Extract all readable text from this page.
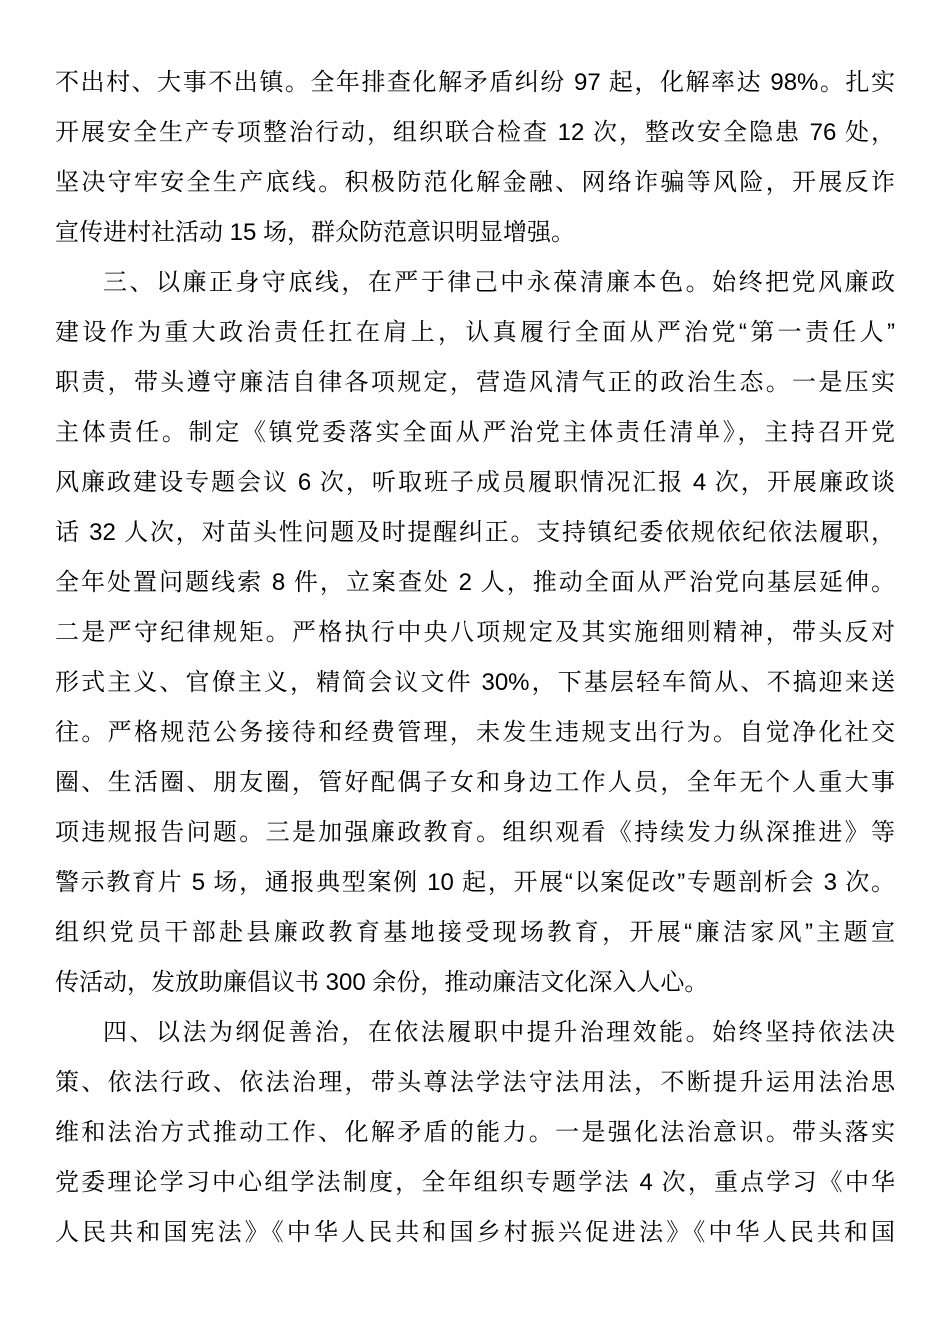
不出村、大事不出镇。全年排查化解矛盾纠纷 97 起，化解率达 98%。扎实
开展安全生产专项整治行动，组织联合检查 12 次，整改安全隐患 76 处，
坚决守牢安全生产底线。积极防范化解金融、网络诈骗等风险，开展反诈
宣传进村社活动 15 场，群众防范意识明显增强。
三、以廉正身守底线，在严于律己中永葆清廉本色。始终把党风廉政
建设作为重大政治责任扛在肩上，认真履行全面从严治党“第一责任人”
职责，带头遵守廉洁自律各项规定，营造风清气正的政治生态。一是压实
主体责任。制定《镇党委落实全面从严治党主体责任清单》，主持召开党
风廉政建设专题会议 6 次，听取班子成员履职情况汇报 4 次，开展廉政谈
话 32 人次，对苗头性问题及时提醒纠正。支持镇纪委依规依纪依法履职，
全年处置问题线索 8 件，立案查处 2 人，推动全面从严治党向基层延伸。
二是严守纪律规矩。严格执行中央八项规定及其实施细则精神，带头反对
形式主义、官僚主义，精简会议文件 30%，下基层轻车简从、不搞迎来送
往。严格规范公务接待和经费管理，未发生违规支出行为。自觉净化社交
圈、生活圈、朋友圈，管好配偶子女和身边工作人员，全年无个人重大事
项违规报告问题。三是加强廉政教育。组织观看《持续发力纵深推进》等
警示教育片 5 场，通报典型案例 10 起，开展“以案促改”专题剖析会 3 次。
组织党员干部赴县廉政教育基地接受现场教育，开展“廉洁家风”主题宣
传活动，发放助廉倡议书 300 余份，推动廉洁文化深入人心。
四、以法为纲促善治，在依法履职中提升治理效能。始终坚持依法决
策、依法行政、依法治理，带头尊法学法守法用法，不断提升运用法治思
维和法治方式推动工作、化解矛盾的能力。一是强化法治意识。带头落实
党委理论学习中心组学法制度，全年组织专题学法 4 次，重点学习《中华
人民共和国宪法》《中华人民共和国乡村振兴促进法》《中华人民共和国
